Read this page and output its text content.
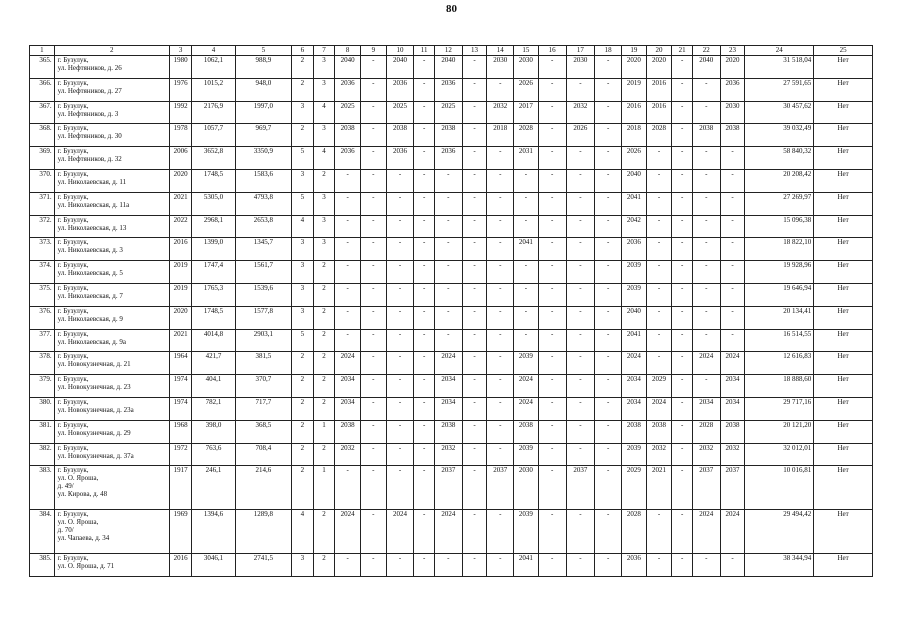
80
1	2	3	4	5	6	7	8	9	10	11	12	13	14	15	16	17	18	19	20	21	22	23	24	25
365.	г. Бузулук,
ул. Нефтяников, д. 26	1980	1062,1	988,9	2	3	2040	-	2040	-	2040	-	2030	2030	-	2030	-	2020	2020	-	2040	2020	31 518,04	Нет
366.	г. Бузулук,
ул. Нефтяников, д. 27	1976	1015,2	948,0	2	3	2036	-	2036	-	2036	-	-	2026	-	-	-	2019	2016	-	-	2036	27 591,65	Нет
367.	г. Бузулук,
ул. Нефтяников, д. 3	1992	2176,9	1997,0	3	4	2025	-	2025	-	2025	-	2032	2017	-	2032	-	2016	2016	-	-	2030	30 457,62	Нет
368.	г. Бузулук,
ул. Нефтяников, д. 30	1978	1057,7	969,7	2	3	2038	-	2038	-	2038	-	2018	2028	-	2026	-	2018	2028	-	2038	2038	39 032,49	Нет
369.	г. Бузулук,
ул. Нефтяников, д. 32	2006	3652,8	3350,9	5	4	2036	-	2036	-	2036	-	-	2031	-	-	-	2026	-	-	-	-	58 840,32	Нет
370.	г. Бузулук,
ул. Николаевская, д. 11	2020	1748,5	1583,6	3	2	-	-	-	-	-	-	-	-	-	-	-	2040	-	-	-	-	20 208,42	Нет
371.	г. Бузулук,
ул. Николаевская, д. 11а	2021	5305,0	4793,8	5	3	-	-	-	-	-	-	-	-	-	-	-	2041	-	-	-	-	27 269,97	Нет
372.	г. Бузулук,
ул. Николаевская, д. 13	2022	2968,1	2653,8	4	3	-	-	-	-	-	-	-	-	-	-	-	2042	-	-	-	-	15 096,38	Нет
373.	г. Бузулук,
ул. Николаевская, д. 3	2016	1399,0	1345,7	3	3	-	-	-	-	-	-	-	2041	-	-	-	2036	-	-	-	-	18 822,10	Нет
374.	г. Бузулук,
ул. Николаевская, д. 5	2019	1747,4	1561,7	3	2	-	-	-	-	-	-	-	-	-	-	-	2039	-	-	-	-	19 928,96	Нет
375.	г. Бузулук,
ул. Николаевская, д. 7	2019	1765,3	1539,6	3	2	-	-	-	-	-	-	-	-	-	-	-	2039	-	-	-	-	19 646,94	Нет
376.	г. Бузулук,
ул. Николаевская, д. 9	2020	1748,5	1577,8	3	2	-	-	-	-	-	-	-	-	-	-	-	2040	-	-	-	-	20 134,41	Нет
377.	г. Бузулук,
ул. Николаевская, д. 9а	2021	4014,8	2903,1	5	2	-	-	-	-	-	-	-	-	-	-	-	2041	-	-	-	-	16 514,55	Нет
378.	г. Бузулук,
ул. Новокузнечная, д. 21	1964	421,7	381,5	2	2	2024	-	-	-	2024	-	-	2039	-	-	-	2024	-	-	2024	2024	12 616,83	Нет
379.	г. Бузулук,
ул. Новокузнечная, д. 23	1974	404,1	370,7	2	2	2034	-	-	-	2034	-	-	2024	-	-	-	2034	2029	-	-	2034	18 888,60	Нет
380.	г. Бузулук,
ул. Новокузнечная, д. 23а	1974	782,1	717,7	2	2	2034	-	-	-	2034	-	-	2024	-	-	-	2034	2024	-	2034	2034	29 717,16	Нет
381.	г. Бузулук,
ул. Новокузнечная, д. 29	1968	398,0	368,5	2	1	2038	-	-	-	2038	-	-	2038	-	-	-	2038	2038	-	2028	2038	20 121,20	Нет
382.	г. Бузулук,
ул. Новокузнечная, д. 37а	1972	763,6	708,4	2	2	2032	-	-	-	2032	-	-	2039	-	-	-	2039	2032	-	2032	2032	32 012,01	Нет
383.	г. Бузулук,
ул. О. Яроша,
д. 49/
ул. Кирова, д. 48	1917	246,1	214,6	2	1	-	-	-	-	2037	-	2037	2030	-	2037	-	2029	2021	-	2037	2037	10 016,81	Нет
384.	г. Бузулук,
ул. О. Яроша,
д. 70/
ул. Чапаева, д. 34	1969	1394,6	1289,8	4	2	2024	-	2024	-	2024	-	-	2039	-	-	-	2028	-	-	2024	2024	29 494,42	Нет
385.	г. Бузулук,
ул. О. Яроша, д. 71	2016	3046,1	2741,5	3	2	-	-	-	-	-	-	-	2041	-	-	-	2036	-	-	-	-	38 344,94	Нет
